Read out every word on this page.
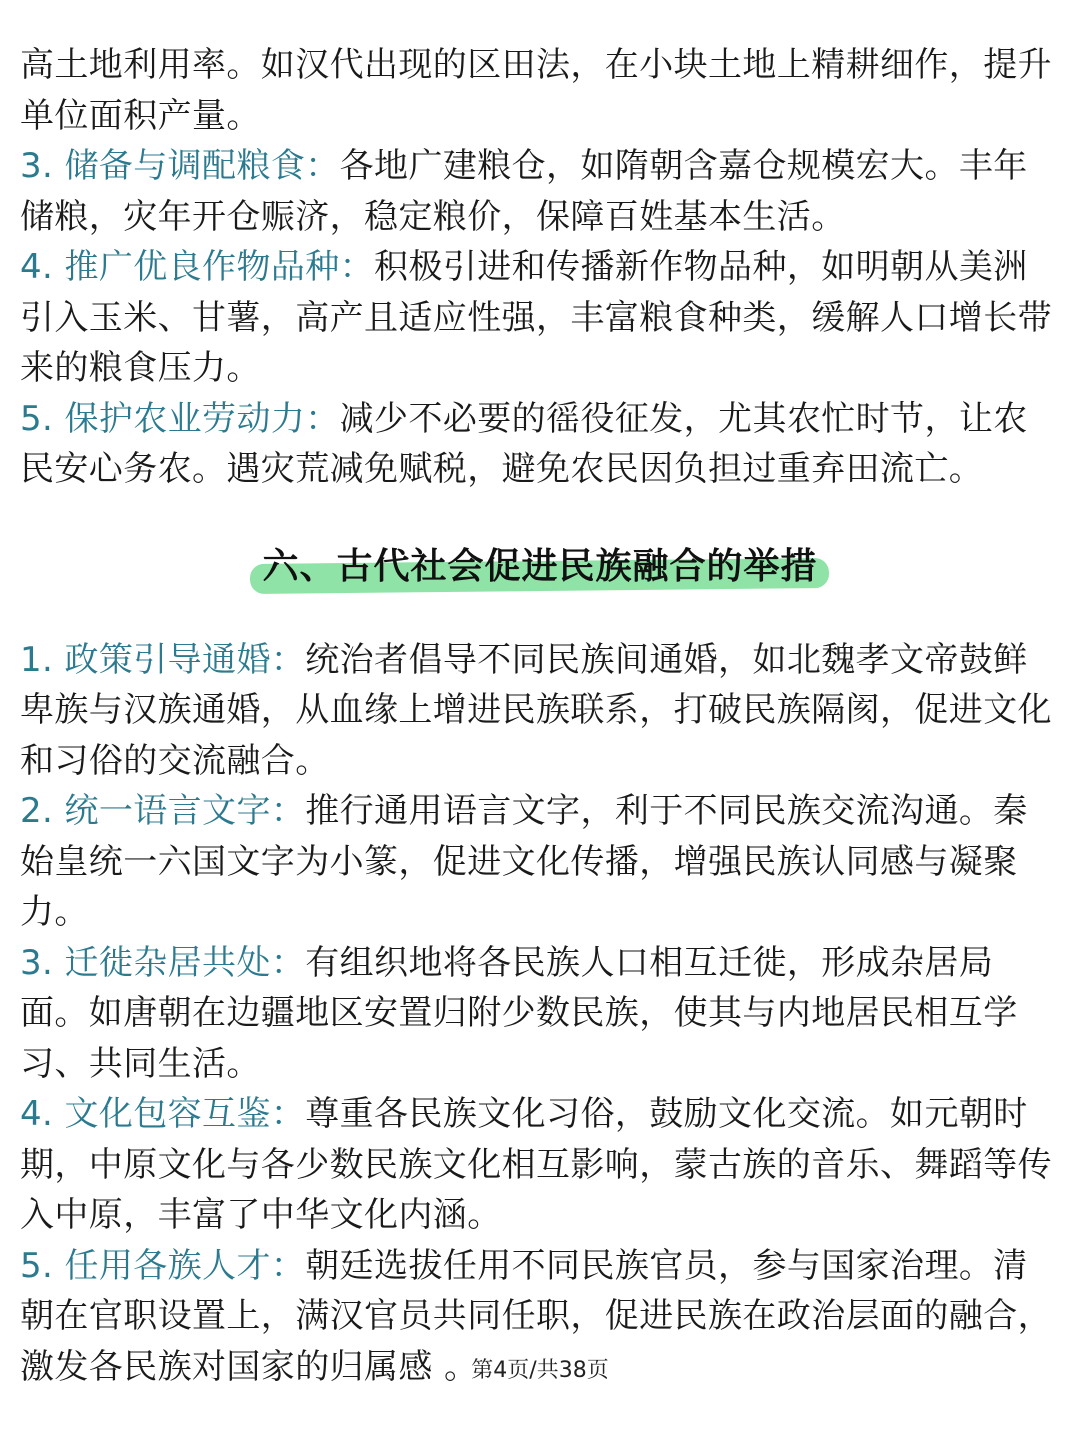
高土地利用率。如汉代出现的区田法，在小块土地上精耕细作，提升单位面积产量。

3. 储备与调配粮食：各地广建粮仓，如隋朝含嘉仓规模宏大。丰年储粮，灾年开仓赈济，稳定粮价，保障百姓基本生活。

4. 推广优良作物品种：积极引进和传播新作物品种，如明朝从美洲引入玉米、甘薯，高产且适应性强，丰富粮食种类，缓解人口增长带来的粮食压力。

5. 保护农业劳动力：减少不必要的徭役征发，尤其农忙时节，让农民安心务农。遇灾荒减免赋税，避免农民因负担过重弃田流亡。

六、古代社会促进民族融合的举措

1. 政策引导通婚：统治者倡导不同民族间通婚，如北魏孝文帝鼓鲜卑族与汉族通婚，从血缘上增进民族联系，打破民族隔阂，促进文化和习俗的交流融合。

2. 统一语言文字：推行通用语言文字，利于不同民族交流沟通。秦始皇统一六国文字为小篆，促进文化传播，增强民族认同感与凝聚力。

3. 迁徙杂居共处：有组织地将各民族人口相互迁徙，形成杂居局面。如唐朝在边疆地区安置归附少数民族，使其与内地居民相互学习、共同生活。

4. 文化包容互鉴：尊重各民族文化习俗，鼓励文化交流。如元朝时期，中原文化与各少数民族文化相互影响，蒙古族的音乐、舞蹈等传入中原，丰富了中华文化内涵。

5. 任用各族人才：朝廷选拔任用不同民族官员，参与国家治理。清朝在官职设置上，满汉官员共同任职，促进民族在政治层面的融合，激发各民族对国家的归属感 。

第4页/共38页
